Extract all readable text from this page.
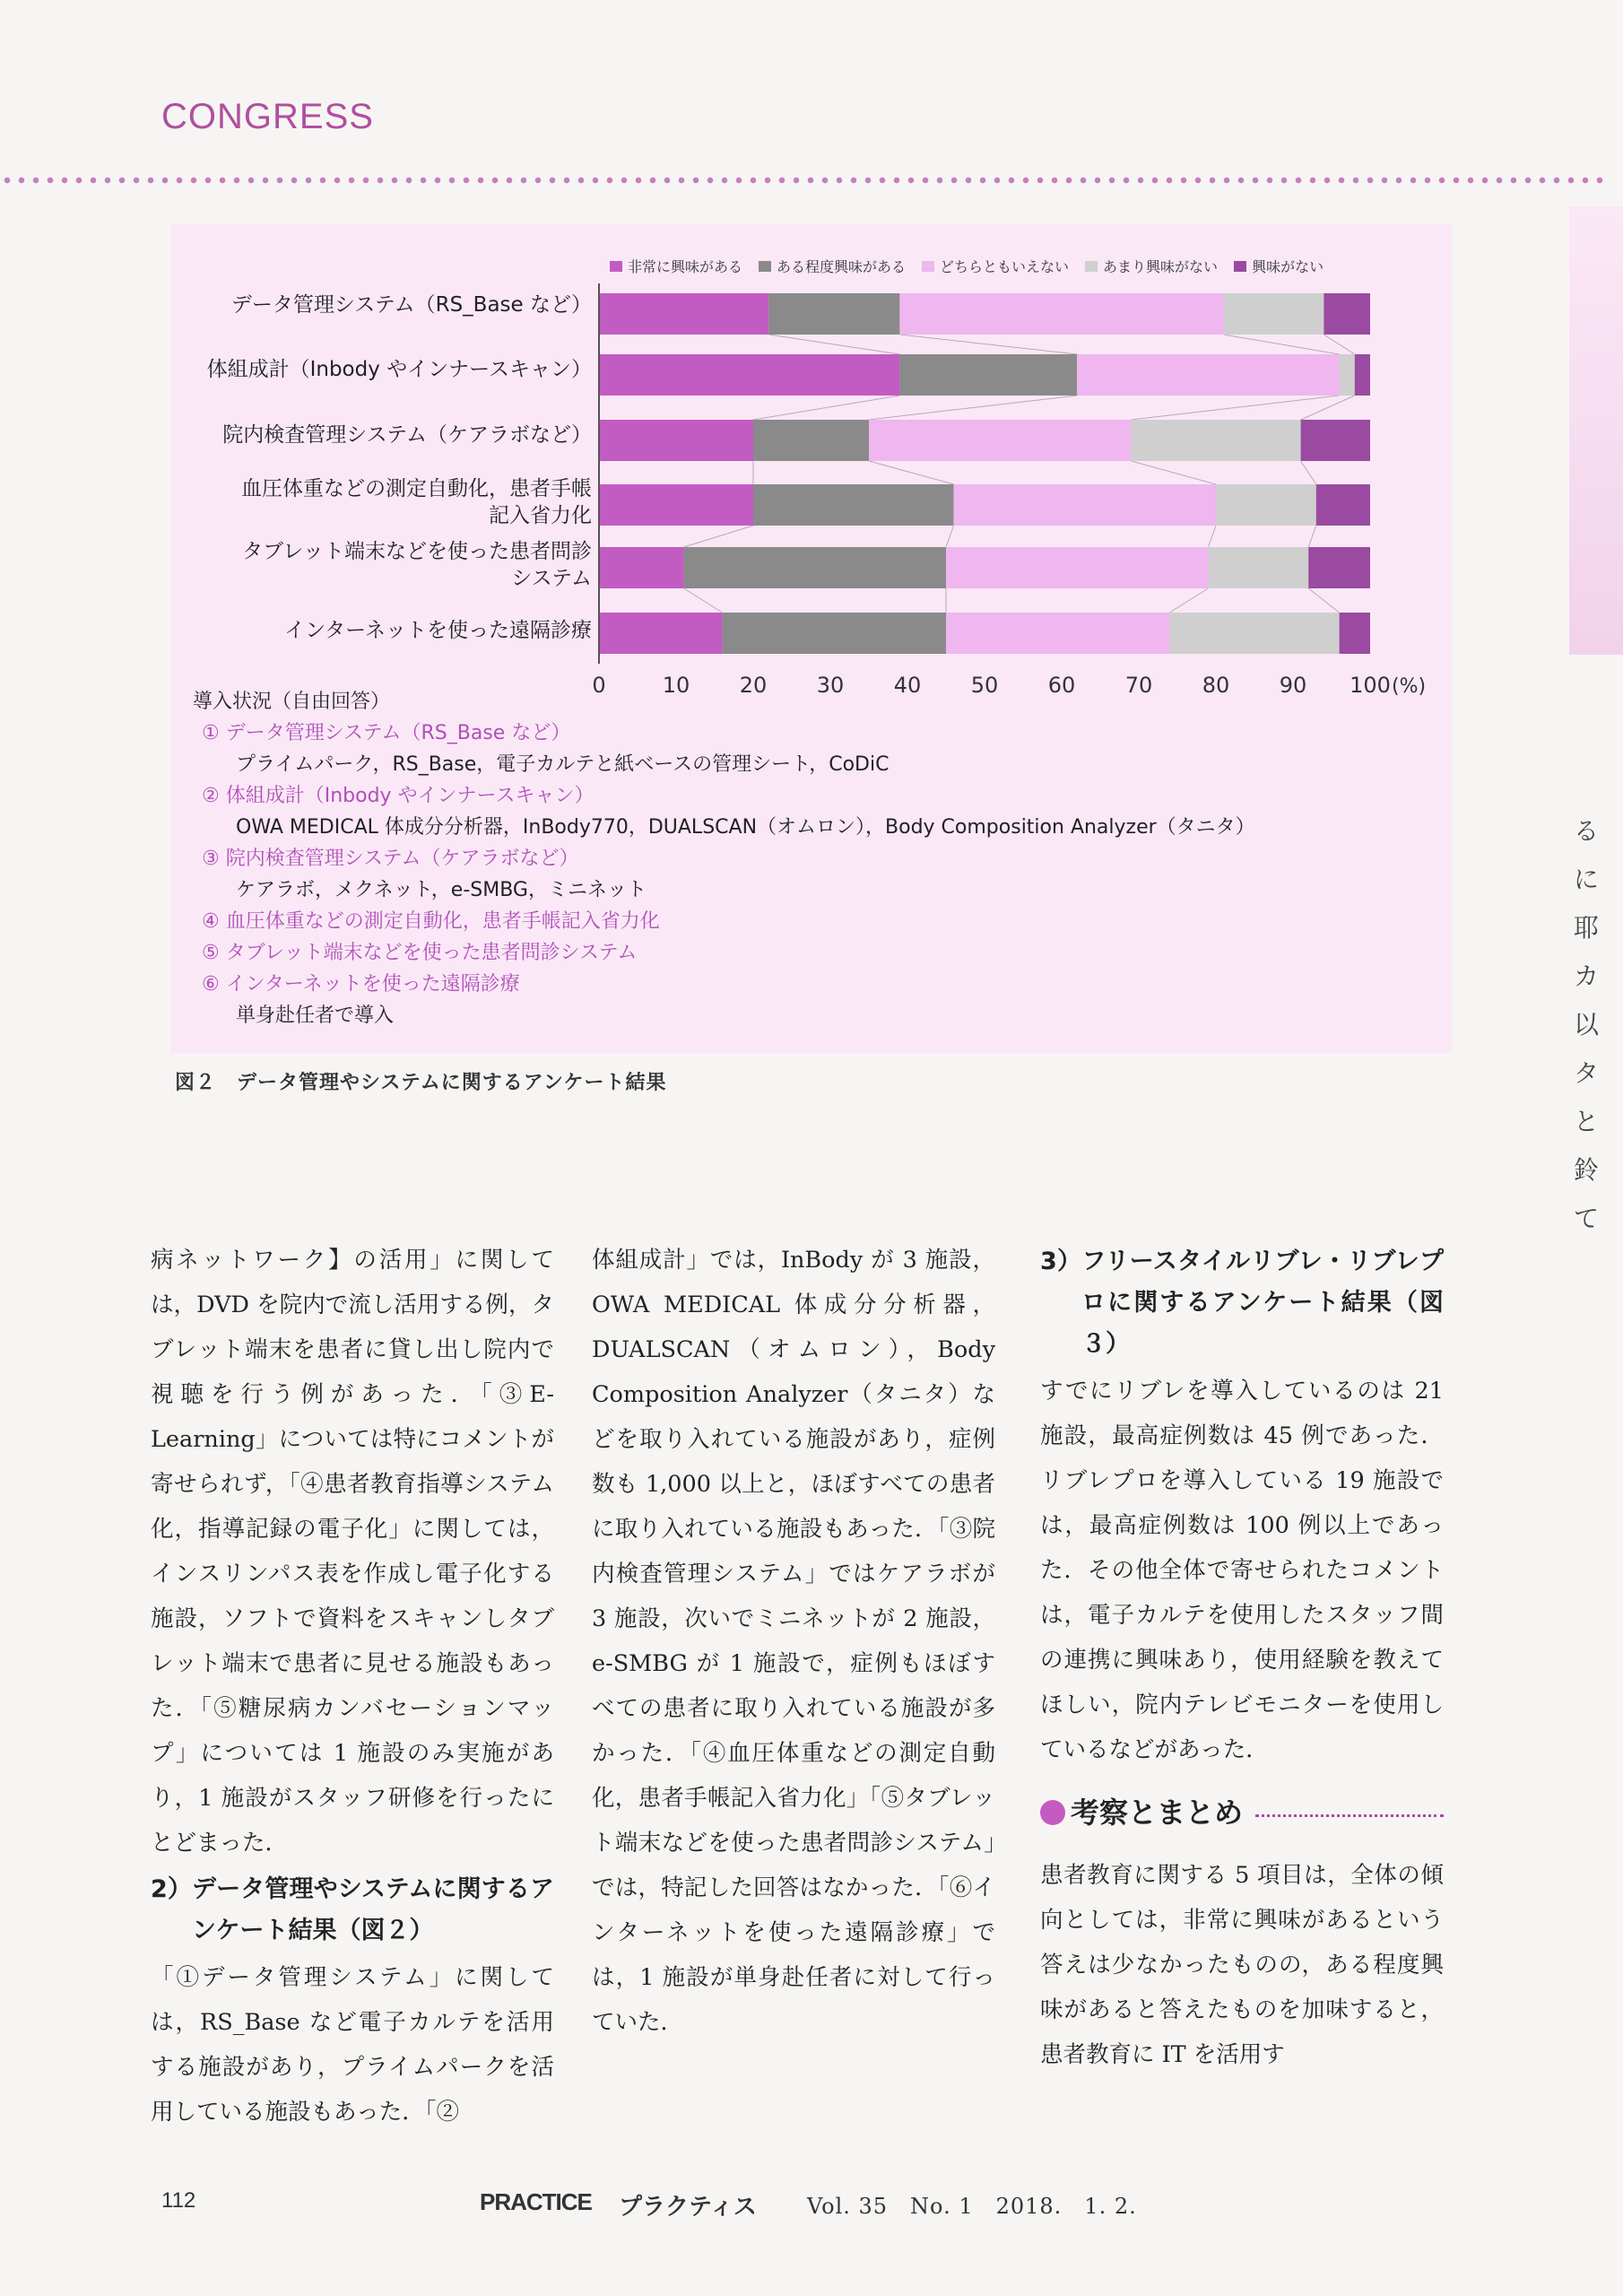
CONGRESS
る
に
耶
カ
以
タ
と
鈴
て
0	10 20 30 40 50 60 70 80 90 100 (%)
非常に興味がある ある程度興味がある どちらともいえない あまり興味がない 興味がない
データ管理システム（RS_Base など）
体組成計（Inbody やインナースキャン）
院内検査管理システム（ケアラボなど）
血圧体重などの測定自動化，患者手帳
記入省力化
タブレット端末などを使った患者問診
システム
インターネットを使った遠隔診療
導入状況（自由回答）
① データ管理システム（RS_Base など）
プライムパーク，RS_Base，電子カルテと紙ベースの管理シート，CoDiC
② 体組成計（Inbody やインナースキャン）
OWA MEDICAL 体成分分析器，InBody770，DUALSCAN（オムロン），Body Composition Analyzer（タニタ）
③ 院内検査管理システム（ケアラボなど）
ケアラボ，メクネット，e-SMBG，ミニネット
④ 血圧体重などの測定自動化，患者手帳記入省力化
⑤ タブレット端末などを使った患者問診システム
⑥ インターネットを使った遠隔診療
単身赴任者で導入
図２　データ管理やシステムに関するアンケート結果

病ネットワーク】の活用」に関しては，DVD を院内で流し活用する例，タブレット端末を患者に貸し出し院内で視聴を行う例があった．「③E-Learning」については特にコメントが寄せられず，「④患者教育指導システム化，指導記録の電子化」に関しては，インスリンパス表を作成し電子化する施設，ソフトで資料をスキャンしタブレット端末で患者に見せる施設もあった．「⑤糖尿病カンバセーションマップ」については 1 施設のみ実施があり，1 施設がスタッフ研修を行ったにとどまった．

2）データ管理やシステムに関するアンケート結果（図２）

「①データ管理システム」に関しては，RS_Base など電子カルテを活用する施設があり，プライムパークを活用している施設もあった．「②

体組成計」では，InBody が 3 施設，OWA MEDICAL 体成分分析器，DUALSCAN（オムロン），Body Composition Analyzer（タニタ）などを取り入れている施設があり，症例数も 1,000 以上と，ほぼすべての患者に取り入れている施設もあった．「③院内検査管理システム」ではケアラボが 3 施設，次いでミニネットが 2 施設，e-SMBG が 1 施設で，症例もほぼすべての患者に取り入れている施設が多かった．「④血圧体重などの測定自動化，患者手帳記入省力化」「⑤タブレット端末などを使った患者問診システム」では，特記した回答はなかった．「⑥インターネットを使った遠隔診療」では，1 施設が単身赴任者に対して行っていた．

3）フリースタイルリブレ・リブレプロに関するアンケート結果（図３）

すでにリブレを導入しているのは 21 施設，最高症例数は 45 例であった．リブレプロを導入している 19 施設では，最高症例数は 100 例以上であった．その他全体で寄せられたコメントは，電子カルテを使用したスタッフ間の連携に興味あり，使用経験を教えてほしい，院内テレビモニターを使用しているなどがあった．

考察とまとめ

患者教育に関する 5 項目は，全体の傾向としては，非常に興味があるという答えは少なかったものの，ある程度興味があると答えたものを加味すると，患者教育に IT を活用す

112	PRACTICE プラクティス Vol. 35　No. 1　2018.　1. 2.
